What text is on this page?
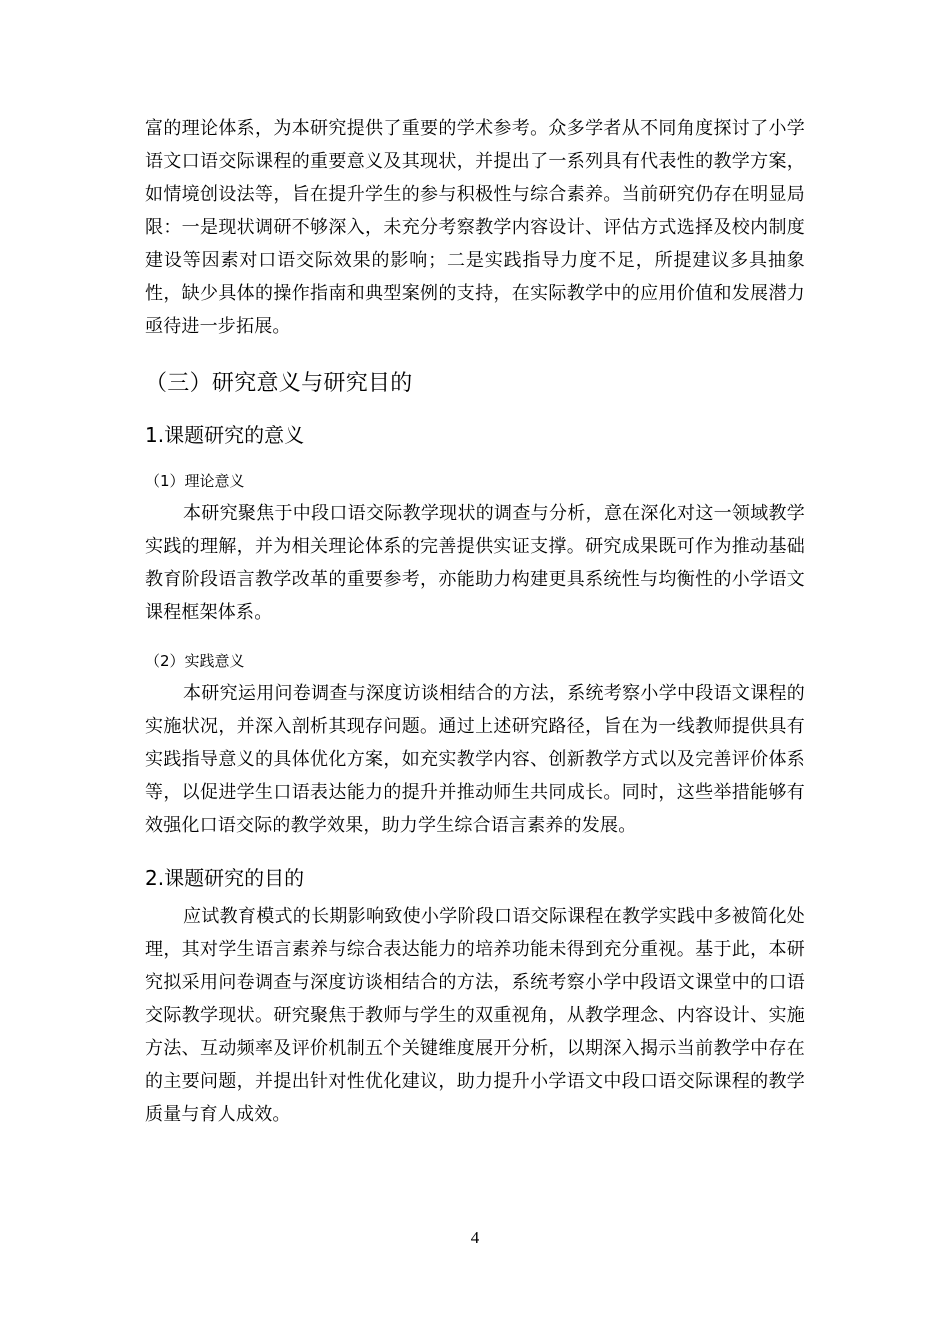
富的理论体系，为本研究提供了重要的学术参考。众多学者从不同角度探讨了小学语文口语交际课程的重要意义及其现状，并提出了一系列具有代表性的教学方案，如情境创设法等，旨在提升学生的参与积极性与综合素养。当前研究仍存在明显局限：一是现状调研不够深入，未充分考察教学内容设计、评估方式选择及校内制度建设等因素对口语交际效果的影响；二是实践指导力度不足，所提建议多具抽象性，缺少具体的操作指南和典型案例的支持，在实际教学中的应用价值和发展潜力亟待进一步拓展。

（三）研究意义与研究目的
1.课题研究的意义
（1）理论意义

本研究聚焦于中段口语交际教学现状的调查与分析，意在深化对这一领域教学实践的理解，并为相关理论体系的完善提供实证支撑。研究成果既可作为推动基础教育阶段语言教学改革的重要参考，亦能助力构建更具系统性与均衡性的小学语文课程框架体系。

（2）实践意义

本研究运用问卷调查与深度访谈相结合的方法，系统考察小学中段语文课程的实施状况，并深入剖析其现存问题。通过上述研究路径，旨在为一线教师提供具有实践指导意义的具体优化方案，如充实教学内容、创新教学方式以及完善评价体系等，以促进学生口语表达能力的提升并推动师生共同成长。同时，这些举措能够有效强化口语交际的教学效果，助力学生综合语言素养的发展。

2.课题研究的目的

应试教育模式的长期影响致使小学阶段口语交际课程在教学实践中多被简化处理，其对学生语言素养与综合表达能力的培养功能未得到充分重视。基于此，本研究拟采用问卷调查与深度访谈相结合的方法，系统考察小学中段语文课堂中的口语交际教学现状。研究聚焦于教师与学生的双重视角，从教学理念、内容设计、实施方法、互动频率及评价机制五个关键维度展开分析，以期深入揭示当前教学中存在的主要问题，并提出针对性优化建议，助力提升小学语文中段口语交际课程的教学质量与育人成效。

4
